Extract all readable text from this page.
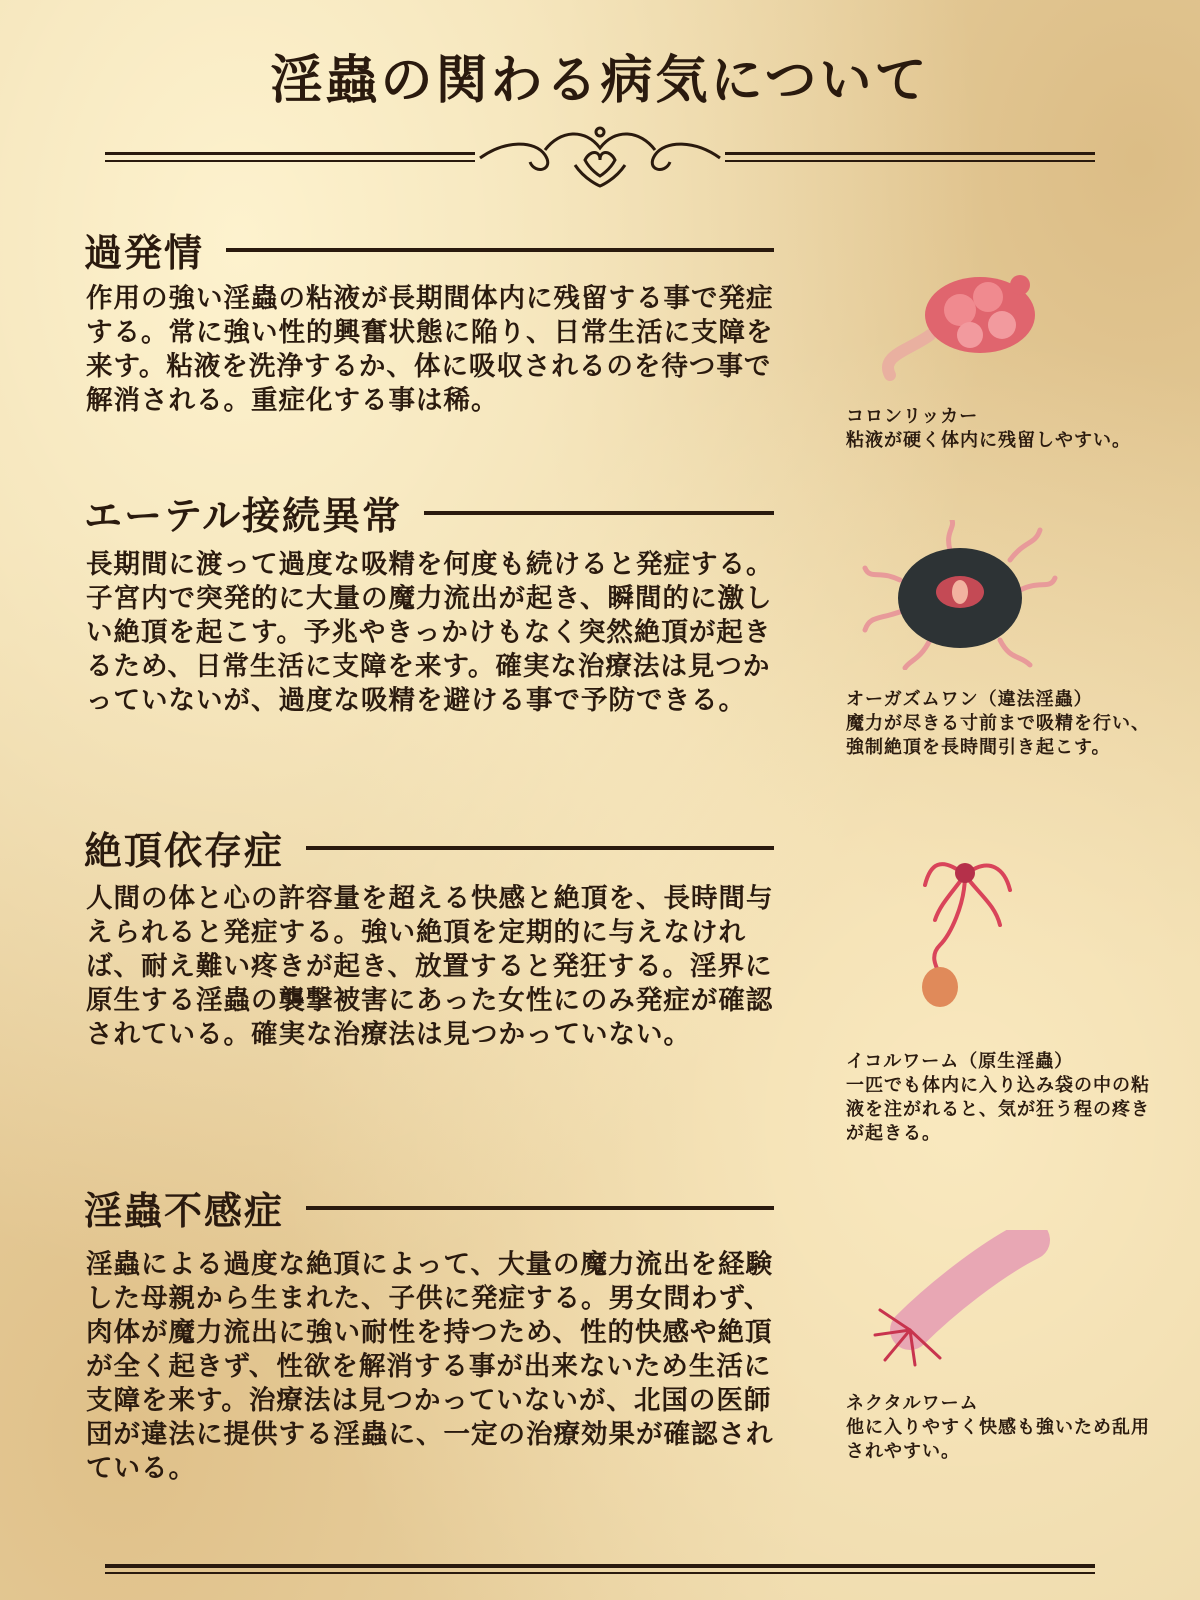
淫蟲の関わる病気について
過発情
作用の強い淫蟲の粘液が長期間体内に残留する事で発症する。常に強い性的興奮状態に陥り、日常生活に支障を来す。粘液を洗浄するか、体に吸収されるのを待つ事で解消される。重症化する事は稀。
エーテル接続異常
長期間に渡って過度な吸精を何度も続けると発症する。子宮内で突発的に大量の魔力流出が起き、瞬間的に激しい絶頂を起こす。予兆やきっかけもなく突然絶頂が起きるため、日常生活に支障を来す。確実な治療法は見つかっていないが、過度な吸精を避ける事で予防できる。
絶頂依存症
人間の体と心の許容量を超える快感と絶頂を、長時間与えられると発症する。強い絶頂を定期的に与えなければ、耐え難い疼きが起き、放置すると発狂する。淫界に原生する淫蟲の襲撃被害にあった女性にのみ発症が確認されている。確実な治療法は見つかっていない。
淫蟲不感症
淫蟲による過度な絶頂によって、大量の魔力流出を経験した母親から生まれた、子供に発症する。男女問わず、肉体が魔力流出に強い耐性を持つため、性的快感や絶頂が全く起きず、性欲を解消する事が出来ないため生活に支障を来す。治療法は見つかっていないが、北国の医師団が違法に提供する淫蟲に、一定の治療効果が確認されている。
コロンリッカー
粘液が硬く体内に残留しやすい。
オーガズムワン（違法淫蟲）
魔力が尽きる寸前まで吸精を行い、強制絶頂を長時間引き起こす。
イコルワーム（原生淫蟲）
一匹でも体内に入り込み袋の中の粘液を注がれると、気が狂う程の疼きが起きる。
ネクタルワーム
他に入りやすく快感も強いため乱用されやすい。
